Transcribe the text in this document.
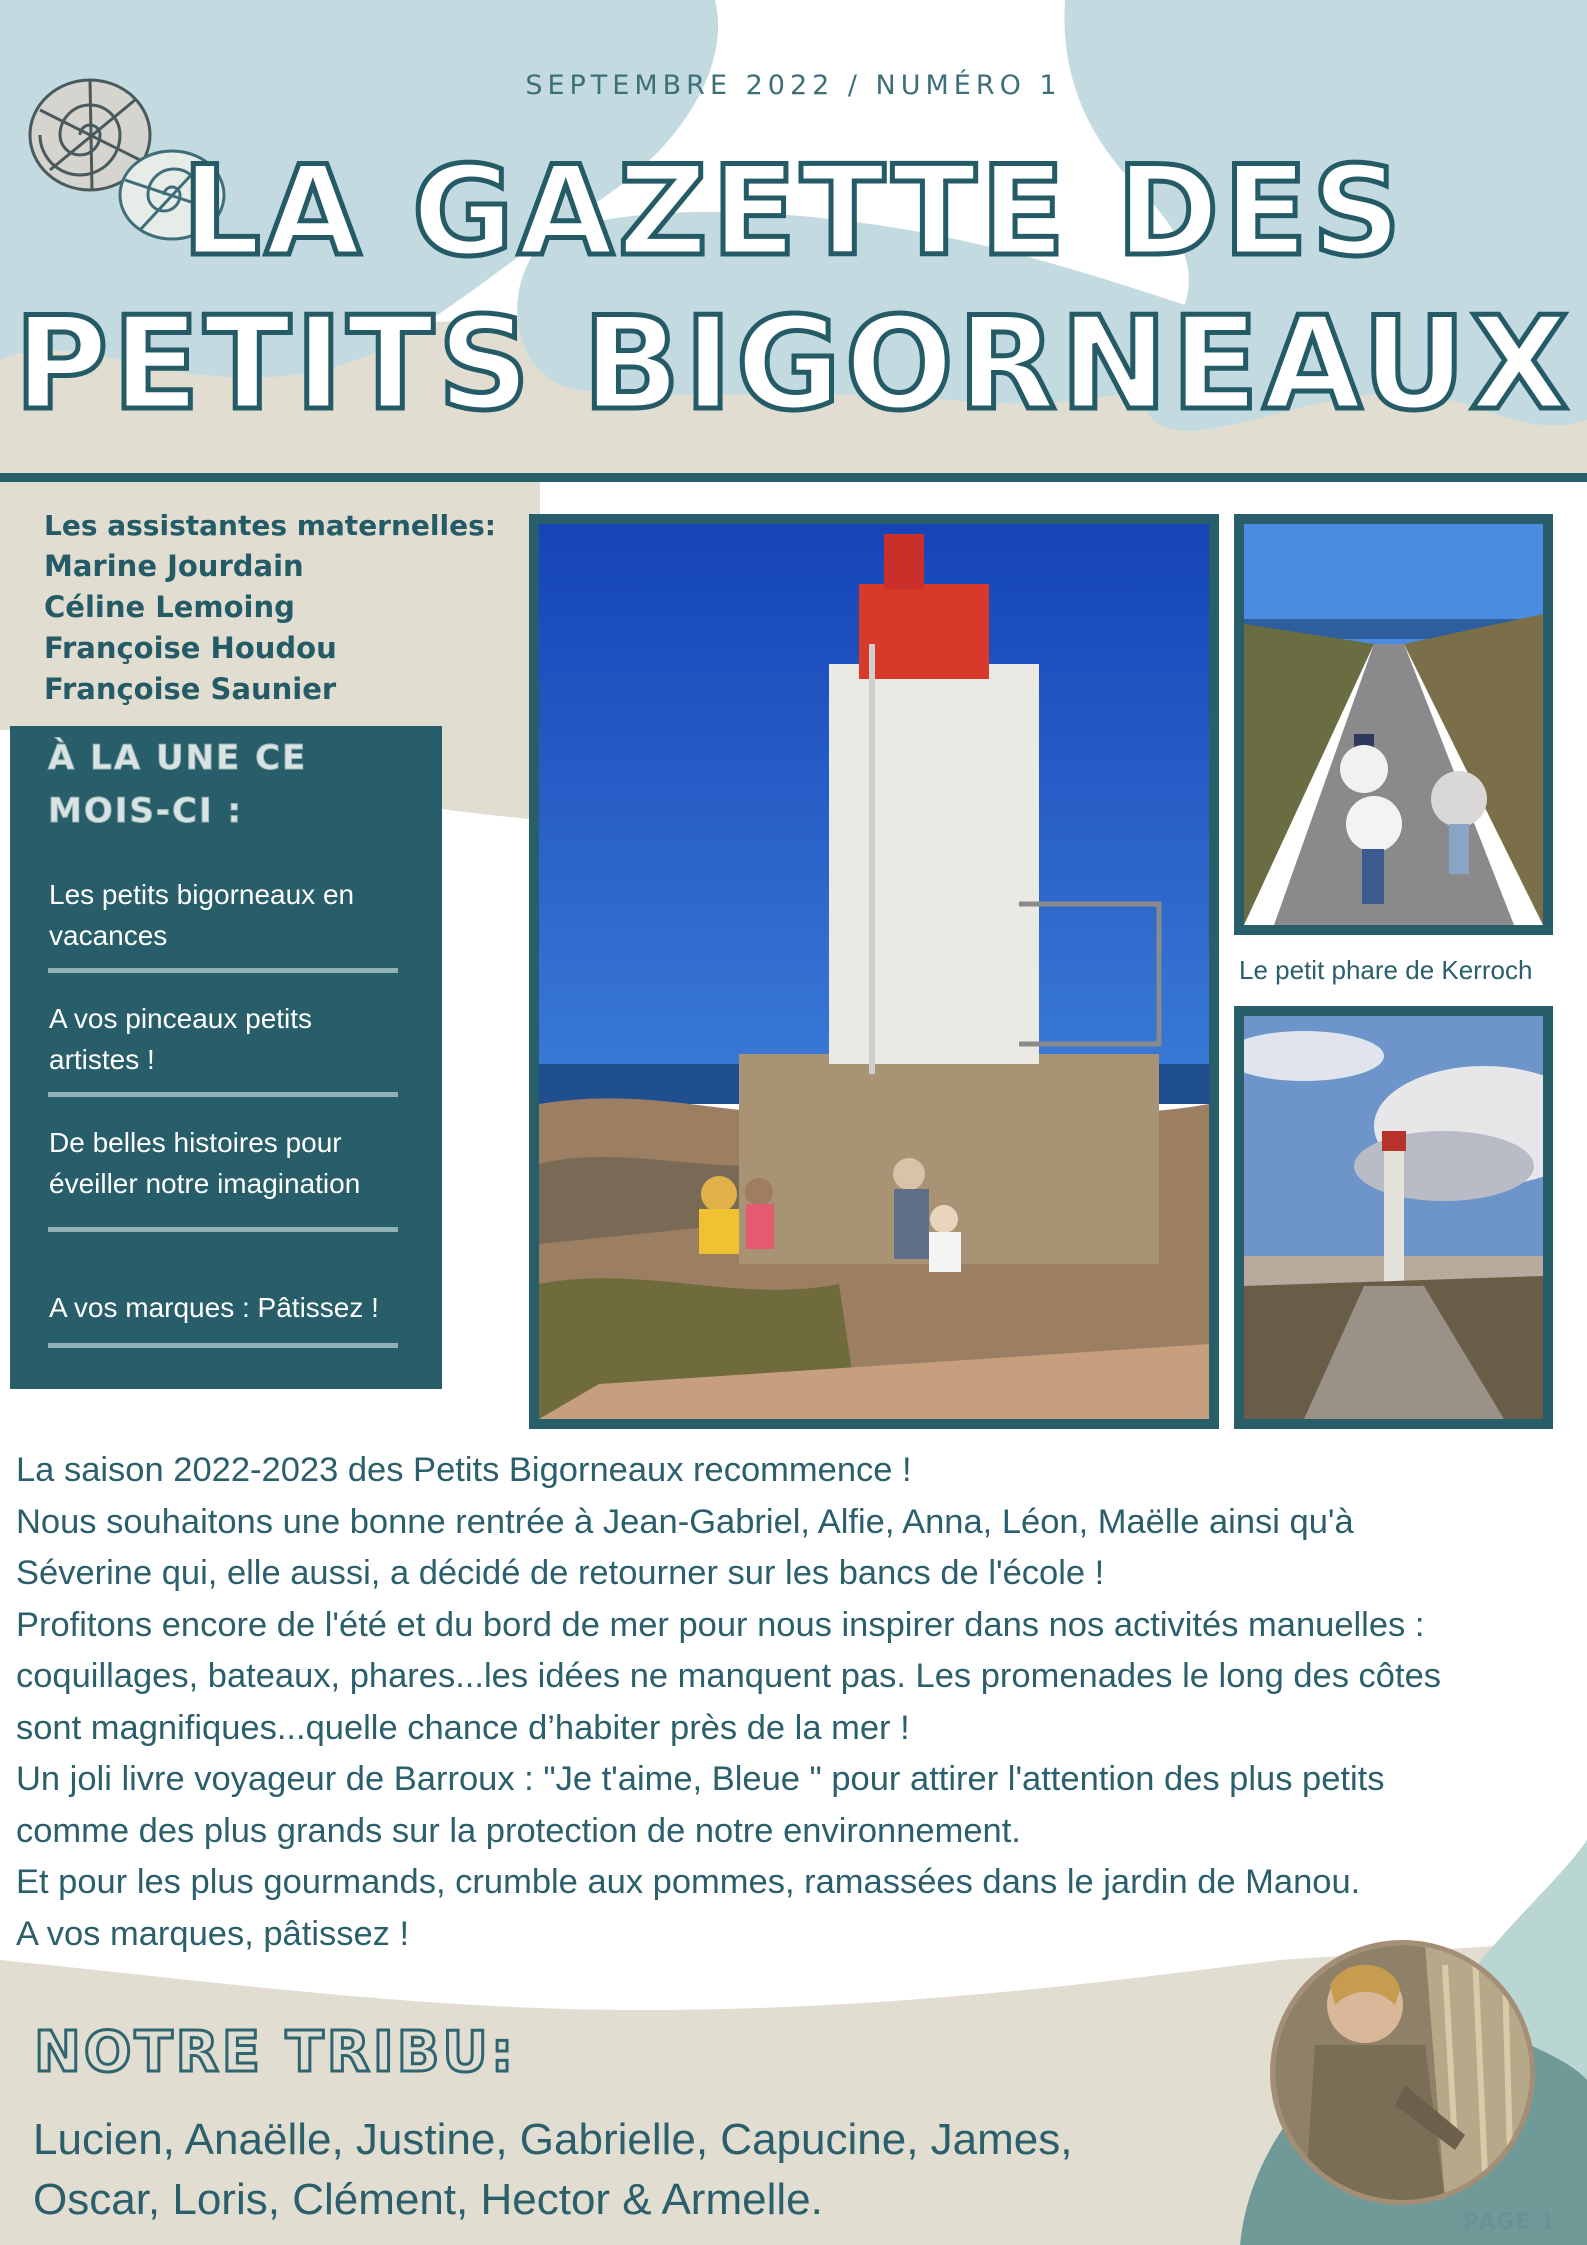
SEPTEMBRE 2022 / NUMÉRO 1
LA GAZETTE DES
PETITS BIGORNEAUX
Les assistantes maternelles:
Marine Jourdain
Céline Lemoing
Françoise Houdou
Françoise Saunier
À LA UNE CE
MOIS-CI :
Les petits bigorneaux en
vacances
A vos pinceaux petits
artistes !
De belles histoires pour
éveiller notre imagination
A vos marques : Pâtissez !
Le petit phare de Kerroch

La saison 2022-2023 des Petits Bigorneaux recommence !

Nous souhaitons une bonne rentrée à Jean-Gabriel, Alfie, Anna, Léon, Maëlle ainsi qu'à

Séverine qui, elle aussi, a décidé de retourner sur les bancs de l'école !

Profitons encore de l'été et du bord de mer pour nous inspirer dans nos activités manuelles :

coquillages, bateaux, phares...les idées ne manquent pas. Les promenades le long des côtes

sont magnifiques...quelle chance d’habiter près de la mer !

Un joli livre voyageur de Barroux : "Je t'aime, Bleue " pour attirer l'attention des plus petits

comme des plus grands sur la protection de notre environnement.

Et pour les plus gourmands, crumble aux pommes, ramassées dans le jardin de Manou.

A vos marques, pâtissez !

NOTRE TRIBU:
Lucien, Anaëlle, Justine, Gabrielle, Capucine, James,
Oscar, Loris, Clément, Hector & Armelle.	PAGE 1
